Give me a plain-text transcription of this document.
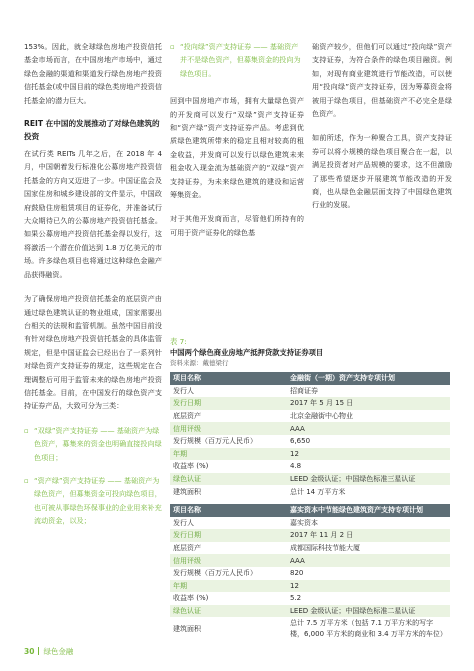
153%。因此，就全球绿色房地产投资信托基金市场而言，在中国房地产市场中，通过绿色金融的渠道和渠道发行绿色房地产投资信托基金(或中国目前的绿色类房地产投资信托基金)的潜力巨大。

REIT 在中国的发展推动了对绿色建筑的投资

在试行类 REITs 几年之后，在 2018 年 4 月，中国朝着发行标准化公募房地产投资信托基金的方向又迈进了一步。中国证监会及国家住房和城乡建设部的文件显示，中国政府鼓励住房租赁项目的证券化，并准备试行大众期待已久的公募房地产投资信托基金。如果公募房地产投资信托基金得以发行，这将激活一个潜在价值达到 1.8 万亿美元的市场。许多绿色项目也将通过这种绿色金融产品获得融资。

为了确保房地产投资信托基金的底层资产由通过绿色建筑认证的物业组成，国家需要出台相关的法规和监管机制。虽然中国目前没有针对绿色房地产投资信托基金的具体监管规定，但是中国证监会已经出台了一系列针对绿色资产支持证券的规定，这些规定在合理调整后可用于监管未来的绿色房地产投资信托基金。目前，在中国发行的绿色资产支持证券产品，大致可分为三类：

▫ “双绿”资产支持证券 —— 基础资产为绿色资产，募集来的资金也明确直接投向绿色项目；
▫ “资产绿”资产支持证券 —— 基础资产为绿色资产，但募集资金可投向绿色项目，也可被从事绿色环保事业的企业用来补充流动资金，以及；
▫ “投向绿”资产支持证券 —— 基础资产并不是绿色资产，但募集资金的投向为绿色项目。

回到中国房地产市场，拥有大量绿色资产的开发商可以发行“双绿”资产支持证券和“资产绿”资产支持证券产品。考虑到优质绿色建筑所带来的稳定且相对较高的租金收益，并发商可以发行以绿色建筑未来租金收入现金流为基础资产的“双绿”资产支持证券，为未来绿色建筑的建设和运营筹集资金。

对于其他开发商而言，尽管他们所持有的可用于资产证券化的绿色基

础资产较少，但他们可以通过“投向绿”资产支持证券，为符合条件的绿色项目融资。例如，对现有商业建筑进行节能改造，可以使用“投向绿”资产支持证券，因为筹募资金将被用于绿色项目，但基础资产不必完全是绿色资产。

如前所述，作为一种聚合工具，资产支持证券可以将小规模的绿色项目聚合在一起，以满足投资者对产品规模的要求，这不但激励了那些希望逐步开展建筑节能改造的开发商，也从绿色金融层面支持了中国绿色建筑行业的发展。

表 7:
中国两个绿色商业房地产抵押贷款支持证券项目
资料来源：戴德梁行
项目名称	金融街（一期）资产支持专项计划
发行人	招商证券
发行日期	2017 年 5 月 15 日
底层资产	北京金融街中心物业
信用评级	AAA
发行规模（百万元人民币）	6,650
年期	12
收益率 (%)	4.8
绿色认证	LEED 金级认证；中国绿色标准三星认证
建筑面积	总计 14 万平方米

项目名称	嘉实资本中节能绿色建筑资产支持专项计划
发行人	嘉实资本
发行日期	2017 年 11 月 2 日
底层资产	成都国际科技节能大厦
信用评级	AAA
发行规模（百万元人民币）	820
年期	12
收益率 (%)	5.2
绿色认证	LEED 金级认证；中国绿色标准二星认证
建筑面积	总计 7.5 万平方米（包括 7.1 万平方米的写字楼，6,000 平方米的商业和 3.4 万平方米的车位）
30 绿色金融
